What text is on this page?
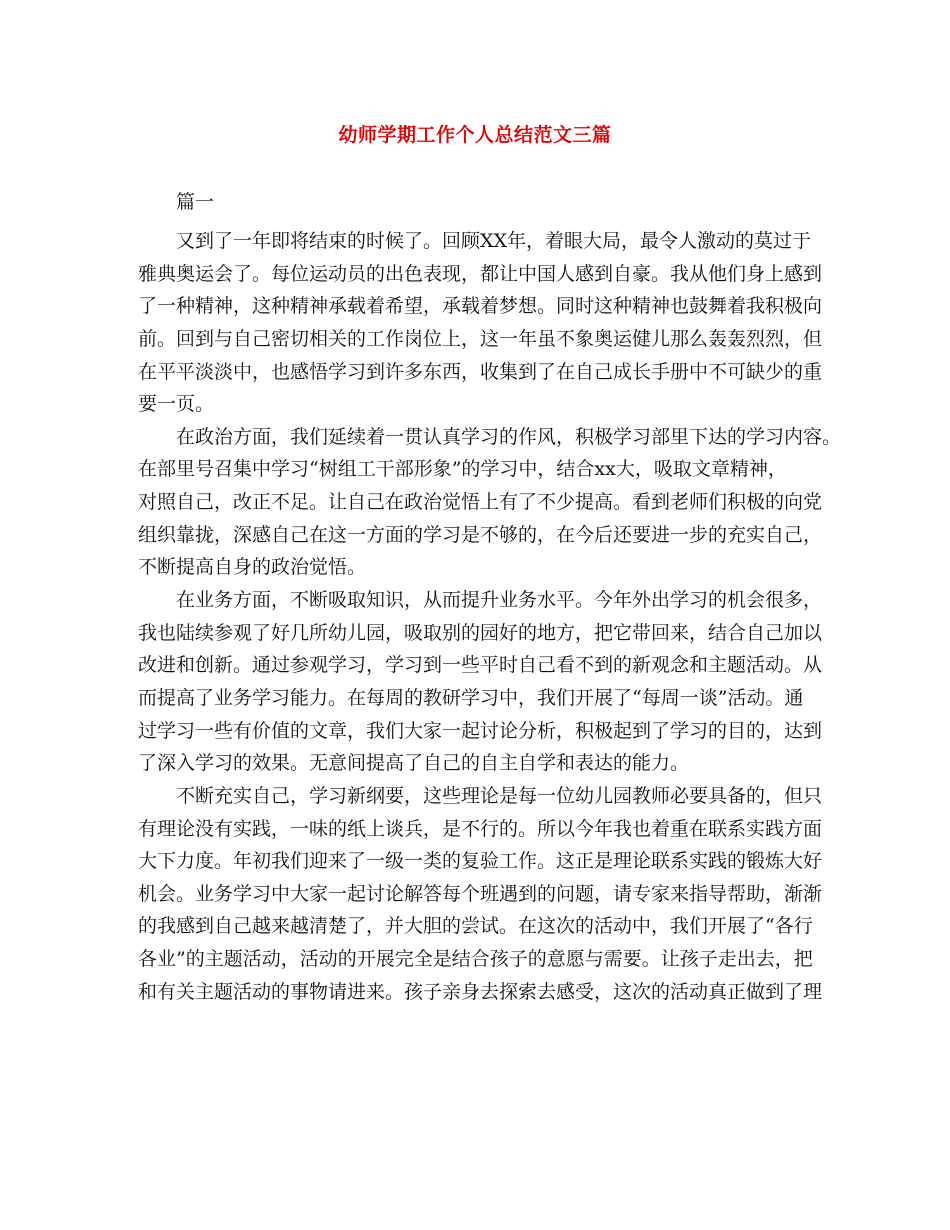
幼师学期工作个人总结范文三篇
篇一
又到了一年即将结束的时候了。回顾XX年，着眼大局，最令人激动的莫过于
雅典奥运会了。每位运动员的出色表现，都让中国人感到自豪。我从他们身上感到
了一种精神，这种精神承载着希望，承载着梦想。同时这种精神也鼓舞着我积极向
前。回到与自己密切相关的工作岗位上，这一年虽不象奥运健儿那么轰轰烈烈，但
在平平淡淡中，也感悟学习到许多东西，收集到了在自己成长手册中不可缺少的重
要一页。
在政治方面，我们延续着一贯认真学习的作风，积极学习部里下达的学习内容。
在部里号召集中学习“树组工干部形象”的学习中，结合xx大，吸取文章精神，
对照自己，改正不足。让自己在政治觉悟上有了不少提高。看到老师们积极的向党
组织靠拢，深感自己在这一方面的学习是不够的，在今后还要进一步的充实自己，
不断提高自身的政治觉悟。
在业务方面，不断吸取知识，从而提升业务水平。今年外出学习的机会很多，
我也陆续参观了好几所幼儿园，吸取别的园好的地方，把它带回来，结合自己加以
改进和创新。通过参观学习，学习到一些平时自己看不到的新观念和主题活动。从
而提高了业务学习能力。在每周的教研学习中，我们开展了“每周一谈”活动。通
过学习一些有价值的文章，我们大家一起讨论分析，积极起到了学习的目的，达到
了深入学习的效果。无意间提高了自己的自主自学和表达的能力。
不断充实自己，学习新纲要，这些理论是每一位幼儿园教师必要具备的，但只
有理论没有实践，一味的纸上谈兵，是不行的。所以今年我也着重在联系实践方面
大下力度。年初我们迎来了一级一类的复验工作。这正是理论联系实践的锻炼大好
机会。业务学习中大家一起讨论解答每个班遇到的问题，请专家来指导帮助，渐渐
的我感到自己越来越清楚了，并大胆的尝试。在这次的活动中，我们开展了“各行
各业”的主题活动，活动的开展完全是结合孩子的意愿与需要。让孩子走出去，把
和有关主题活动的事物请进来。孩子亲身去探索去感受，这次的活动真正做到了理
